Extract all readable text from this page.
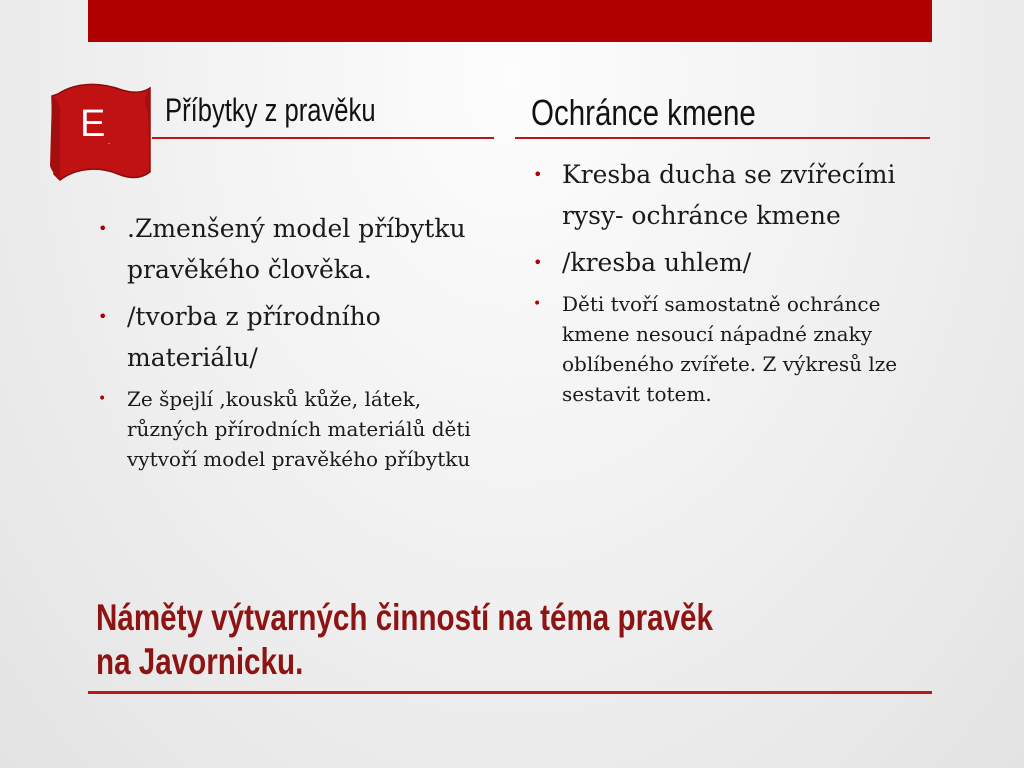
E .
Příbytky z pravěku	Ochránce kmene
• .Zmenšený model příbytku pravěkého člověka.
• /tvorba z přírodního materiálu/
• Ze špejlí ,kousků kůže, látek, různých přírodních materiálů děti vytvoří model pravěkého příbytku
• Kresba ducha se zvířecími rysy- ochránce kmene
• /kresba uhlem/
• Děti tvoří samostatně ochránce kmene nesoucí nápadné znaky oblíbeného zvířete. Z výkresů lze sestavit totem.
Náměty výtvarných činností na téma pravěk
na Javornicku.
